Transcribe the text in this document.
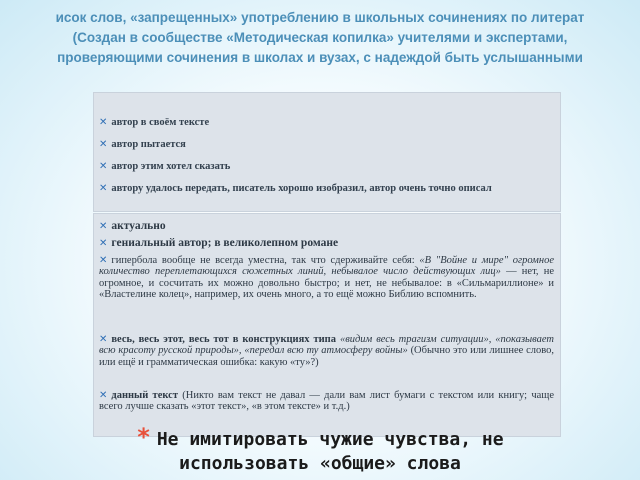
исок слов, «запрещенных» употреблению в школьных сочинениях по литерат
(Создан в сообществе «Методическая копилка» учителями и экспертами,
проверяющими сочинения в школах и вузах, с надеждой быть услышанными
✕ автор в своём тексте
✕ автор пытается
✕ автор этим хотел сказать
✕ автору удалось передать, писатель хорошо изобразил, автор очень точно описал
✕ актуально
✕ гениальный автор; в великолепном романе
✕ гипербола вообще не всегда уместна, так что сдерживайте себя: «В "Войне и мире" огромное количество переплетающихся сюжетных линий, небывалое число действующих лиц» — нет, не огромное, и сосчитать их можно довольно быстро; и нет, не небывалое: в «Сильмариллионе» и «Властелине колец», например, их очень много, а то ещё можно Библию вспомнить.
✕ весь, весь этот, весь тот в конструкциях типа «видим весь трагизм ситуации», «показывает всю красоту русской природы», «передал всю ту атмосферу войны» (Обычно это или лишнее слово, или ещё и грамматическая ошибка: какую «ту»?)
✕ данный текст (Никто вам текст не давал — дали вам лист бумаги с текстом или книгу; чаще всего лучше сказать «этот текст», «в этом тексте» и т.д.)
* Не имитировать чужие чувства, не
использовать «общие» слова
